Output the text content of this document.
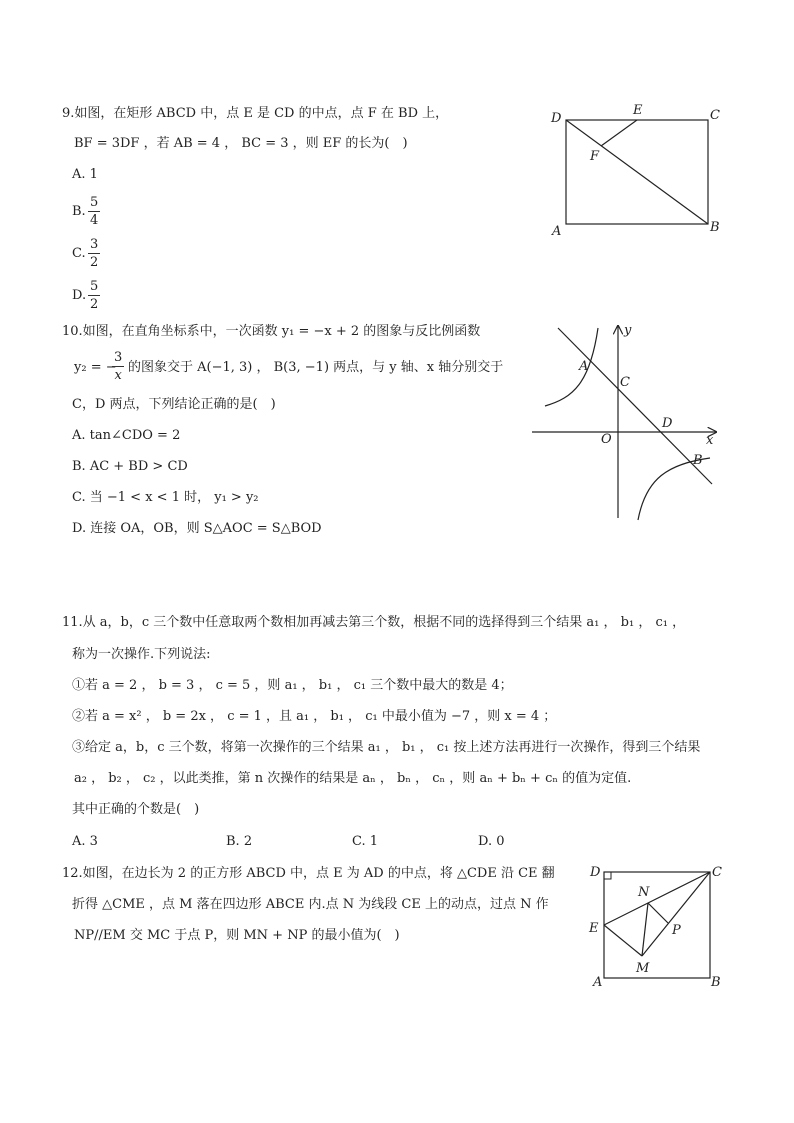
9.如图，在矩形 ABCD 中，点 E 是 CD 的中点，点 F 在 BD 上，
BF = 3DF ，若 AB = 4 ， BC = 3 ，则 EF 的长为(　)
A. 1
B.
5
4
C.
3
2
D.
5
2
D
E	C
F
A	B
10.如图，在直角坐标系中，一次函数 y₁ = −x + 2 的图象与反比例函数
y₂ = −
3
x
的图象交于 A(−1, 3) ， B(3, −1) 两点，与 y 轴、x 轴分别交于
C，D 两点，下列结论正确的是(　)
A. tan∠CDO = 2
B. AC + BD > CD
C. 当 −1 < x < 1 时， y₁ > y₂
D. 连接 OA，OB，则 S△AOC = S△BOD
y
x
A
C
D
O
B
11.从 a，b，c 三个数中任意取两个数相加再减去第三个数，根据不同的选择得到三个结果 a₁ ， b₁ ， c₁ ，
称为一次操作.下列说法:
①若 a = 2 ， b = 3 ， c = 5 ，则 a₁ ， b₁ ， c₁ 三个数中最大的数是 4；
②若 a = x² ， b = 2x ， c = 1 ，且 a₁ ， b₁ ， c₁ 中最小值为 −7 ，则 x = 4 ；
③给定 a，b，c 三个数，将第一次操作的三个结果 a₁ ， b₁ ， c₁ 按上述方法再进行一次操作，得到三个结果
a₂ ， b₂ ， c₂ ，以此类推，第 n 次操作的结果是 aₙ ， bₙ ， cₙ ，则 aₙ + bₙ + cₙ 的值为定值.
其中正确的个数是(　)
A. 3	B. 2	C. 1	D. 0
12.如图，在边长为 2 的正方形 ABCD 中，点 E 为 AD 的中点，将 △CDE 沿 CE 翻
折得 △CME ，点 M 落在四边形 ABCE 内.点 N 为线段 CE 上的动点，过点 N 作
NP//EM 交 MC 于点 P，则 MN + NP 的最小值为(　)
D	C
N
E	P
M
A	B
